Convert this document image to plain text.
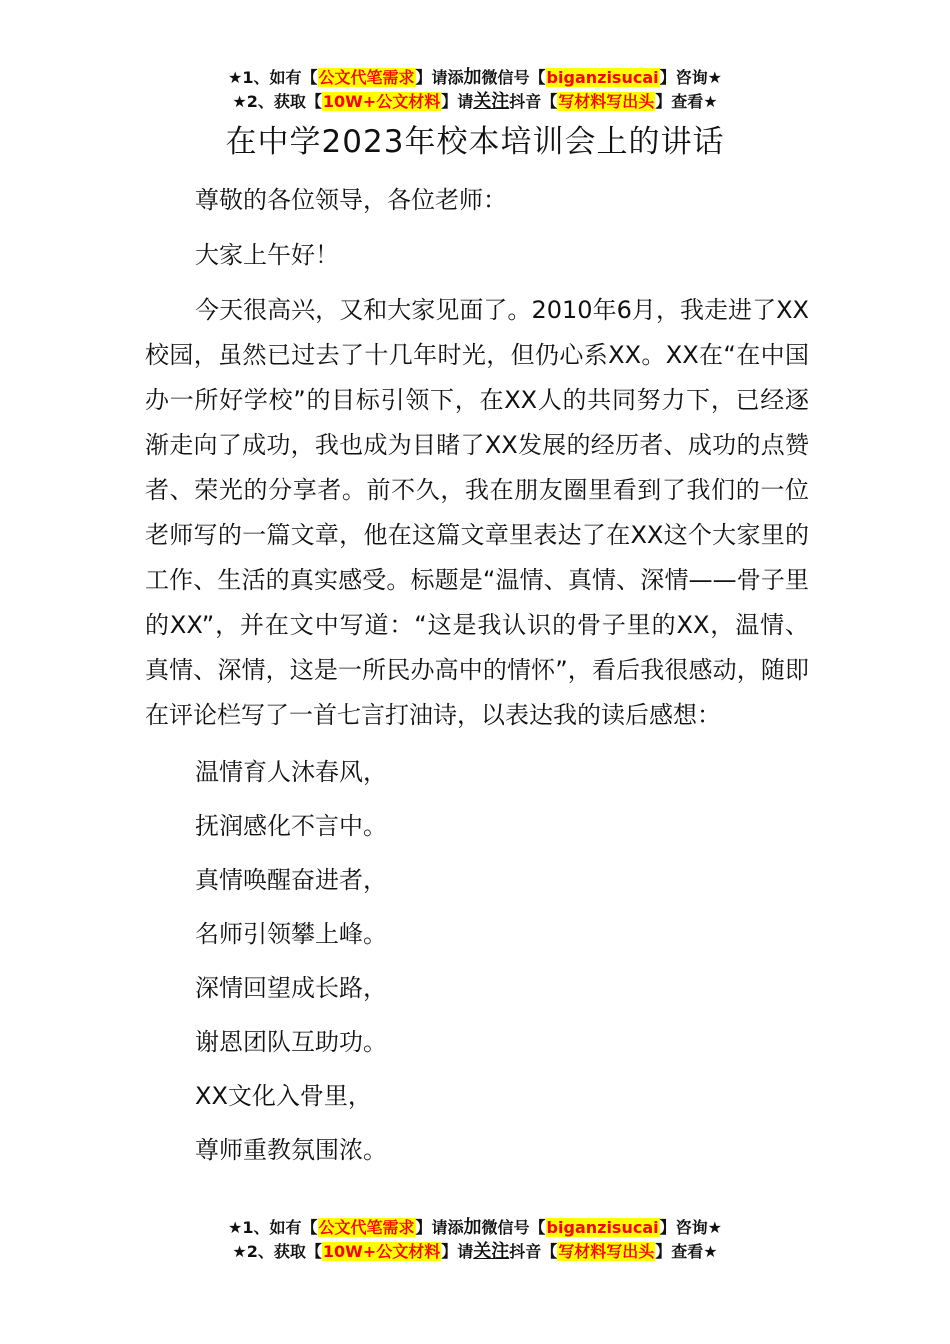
★1、如有【公文代笔需求】请添加微信号【biganzisucai】咨询★
★2、获取【10W+公文材料】请关注抖音【写材料写出头】查看★
在中学2023年校本培训会上的讲话

尊敬的各位领导，各位老师：

大家上午好！

今天很高兴，又和大家见面了。2010年6月，我走进了XX校园，虽然已过去了十几年时光，但仍心系XX。XX在“在中国办一所好学校”的目标引领下，在XX人的共同努力下，已经逐渐走向了成功，我也成为目睹了XX发展的经历者、成功的点赞者、荣光的分享者。前不久，我在朋友圈里看到了我们的一位老师写的一篇文章，他在这篇文章里表达了在XX这个大家里的工作、生活的真实感受。标题是“温情、真情、深情——骨子里的XX”，并在文中写道：“这是我认识的骨子里的XX，温情、真情、深情，这是一所民办高中的情怀”，看后我很感动，随即在评论栏写了一首七言打油诗，以表达我的读后感想：

温情育人沐春风，

抚润感化不言中。

真情唤醒奋进者，

名师引领攀上峰。

深情回望成长路，

谢恩团队互助功。

XX文化入骨里，

尊师重教氛围浓。

★1、如有【公文代笔需求】请添加微信号【biganzisucai】咨询★
★2、获取【10W+公文材料】请关注抖音【写材料写出头】查看★
